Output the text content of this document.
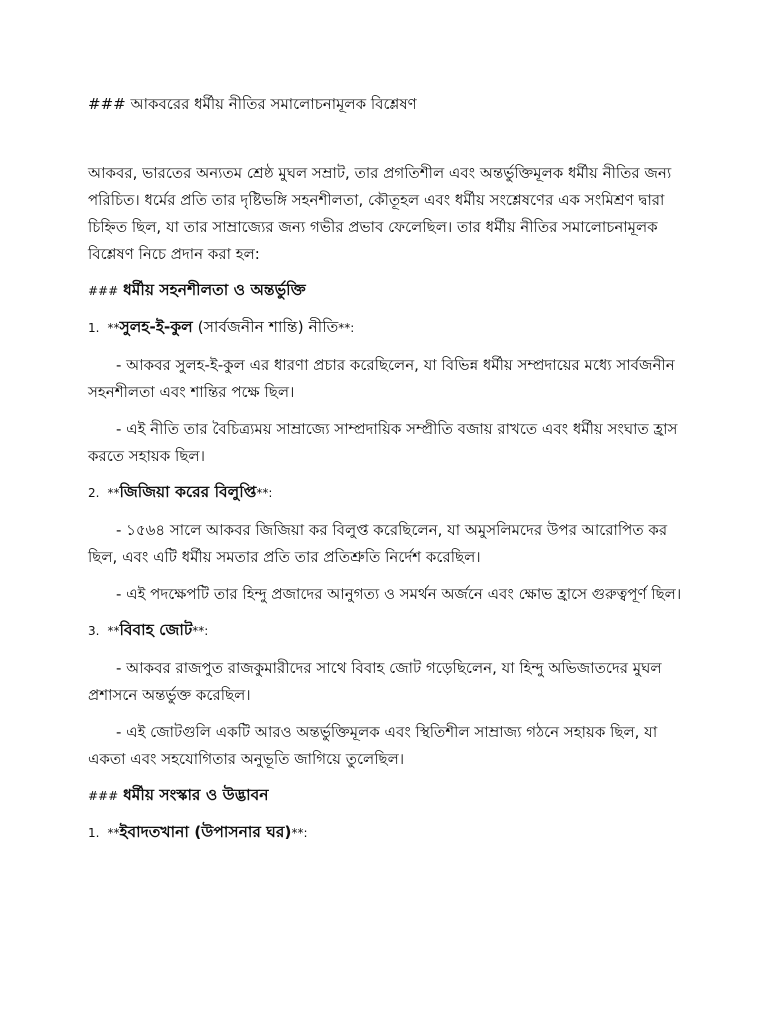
### আকবরের ধর্মীয় নীতির সমালোচনামূলক বিশ্লেষণ

আকবর, ভারতের অন্যতম শ্রেষ্ঠ মুঘল সম্রাট, তার প্রগতিশীল এবং অন্তর্ভুক্তিমূলক ধর্মীয় নীতির জন্য পরিচিত। ধর্মের প্রতি তার দৃষ্টিভঙ্গি সহনশীলতা, কৌতূহল এবং ধর্মীয় সংশ্লেষণের এক সংমিশ্রণ দ্বারা চিহ্নিত ছিল, যা তার সাম্রাজ্যের জন্য গভীর প্রভাব ফেলেছিল। তার ধর্মীয় নীতির সমালোচনামূলক বিশ্লেষণ নিচে প্রদান করা হল:

### ধর্মীয় সহনশীলতা ও অন্তর্ভুক্তি

1. **সুলহ-ই-কুল (সার্বজনীন শান্তি) নীতি**:

- আকবর সুলহ-ই-কুল এর ধারণা প্রচার করেছিলেন, যা বিভিন্ন ধর্মীয় সম্প্রদায়ের মধ্যে সার্বজনীন সহনশীলতা এবং শান্তির পক্ষে ছিল।

- এই নীতি তার বৈচিত্র্যময় সাম্রাজ্যে সাম্প্রদায়িক সম্প্রীতি বজায় রাখতে এবং ধর্মীয় সংঘাত হ্রাস করতে সহায়ক ছিল।

2. **জিজিয়া করের বিলুপ্তি**:

- ১৫৬৪ সালে আকবর জিজিয়া কর বিলুপ্ত করেছিলেন, যা অমুসলিমদের উপর আরোপিত কর ছিল, এবং এটি ধর্মীয় সমতার প্রতি তার প্রতিশ্রুতি নির্দেশ করেছিল।

- এই পদক্ষেপটি তার হিন্দু প্রজাদের আনুগত্য ও সমর্থন অর্জনে এবং ক্ষোভ হ্রাসে গুরুত্বপূর্ণ ছিল।

3. **বিবাহ জোট**:

- আকবর রাজপুত রাজকুমারীদের সাথে বিবাহ জোট গড়েছিলেন, যা হিন্দু অভিজাতদের মুঘল প্রশাসনে অন্তর্ভুক্ত করেছিল।

- এই জোটগুলি একটি আরও অন্তর্ভুক্তিমূলক এবং স্থিতিশীল সাম্রাজ্য গঠনে সহায়ক ছিল, যা একতা এবং সহযোগিতার অনুভূতি জাগিয়ে তুলেছিল।

### ধর্মীয় সংস্কার ও উদ্ভাবন

1. **ইবাদতখানা (উপাসনার ঘর)**:
